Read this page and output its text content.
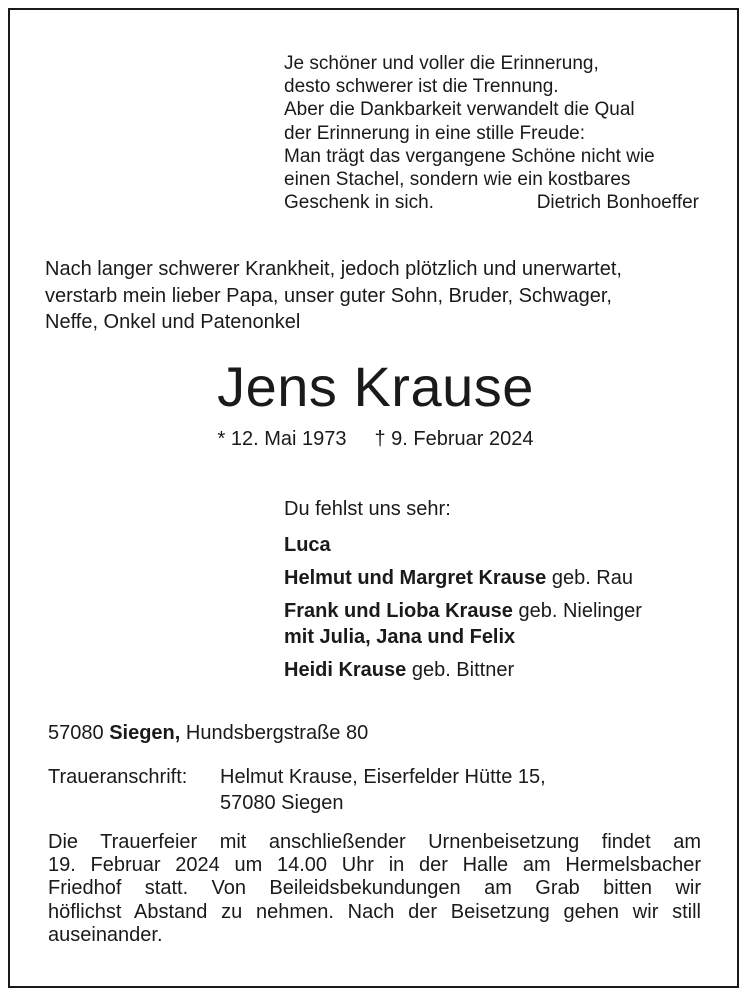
Je schöner und voller die Erinnerung,
desto schwerer ist die Trennung.
Aber die Dankbarkeit verwandelt die Qual
der Erinnerung in eine stille Freude:
Man trägt das vergangene Schöne nicht wie
einen Stachel, sondern wie ein kostbares
Geschenk in sich.	Dietrich Bonhoeffer
Nach langer schwerer Krankheit, jedoch plötzlich und unerwartet,
verstarb mein lieber Papa, unser guter Sohn, Bruder, Schwager,
Neffe, Onkel und Patenonkel
Jens Krause
* 12. Mai 1973 † 9. Februar 2024
Du fehlst uns sehr:
Luca
Helmut und Margret Krause geb. Rau
Frank und Lioba Krause geb. Nielinger
mit Julia, Jana und Felix
Heidi Krause geb. Bittner
57080 Siegen, Hundsbergstraße 80
Traueranschrift:	Helmut Krause, Eiserfelder Hütte 15,
57080 Siegen
Die Trauerfeier mit anschließender Urnenbeisetzung findet am
19. Februar 2024 um 14.00 Uhr in der Halle am Hermelsbacher
Friedhof statt. Von Beileidsbekundungen am Grab bitten wir
höflichst Abstand zu nehmen. Nach der Beisetzung gehen wir still
auseinander.
